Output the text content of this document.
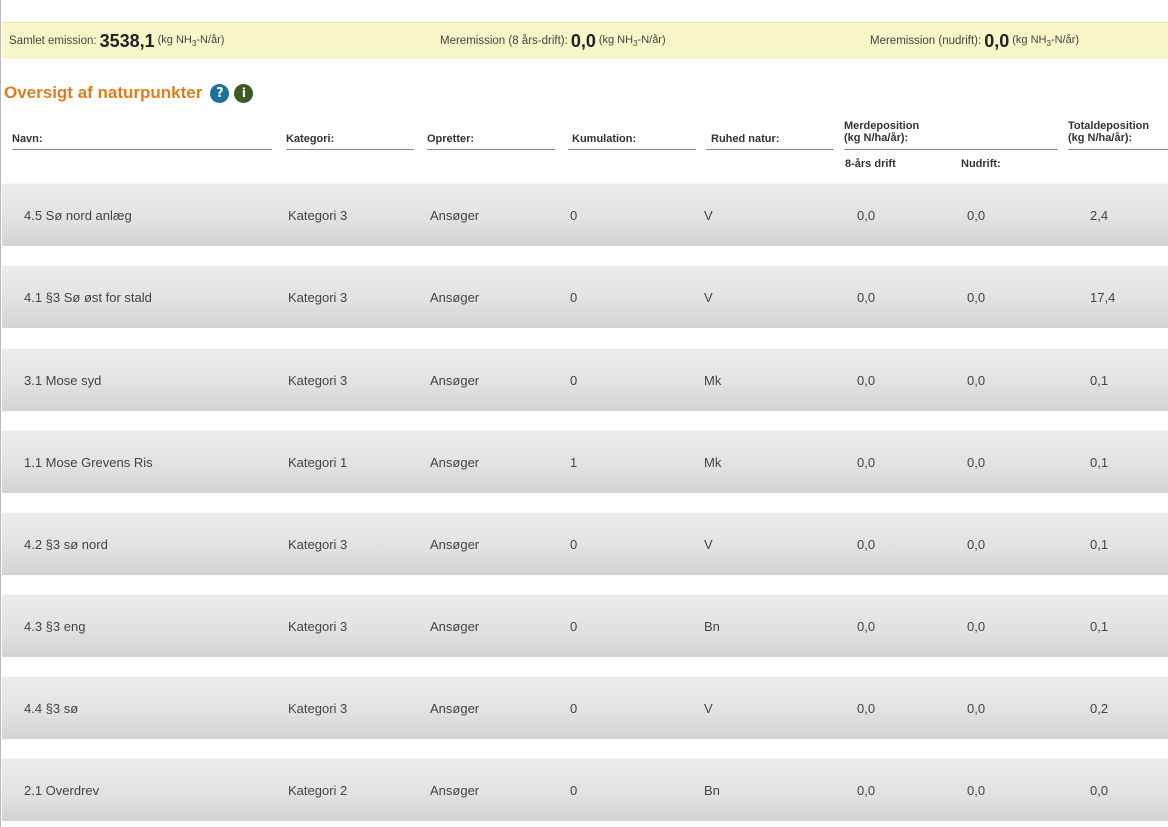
Samlet emission: 3538,1 (kg $NH_3-N/år$)	Meremission (8 års-drift): 0,0 (kg $NH_3-N/år$)	Meremission (nudrift): 0,0 (kg $NH_3-N/år$)
Oversigt af naturpunkter	?	i
Navn:	Kategori:	Opretter:	Kumulation:	Ruhed natur:
Merdeposition
(kg N/ha/år):
Totaldeposition
(kg N/ha/år):
8-års drift	Nudrift:
4.5 Sø nord anlæg	Kategori 3	Ansøger	0	V	0,0	0,0	2,4
4.1 §3 Sø øst for stald	Kategori 3	Ansøger	0	V	0,0	0,0	17,4
3.1 Mose syd	Kategori 3	Ansøger	0	Mk	0,0	0,0	0,1
1.1 Mose Grevens Ris	Kategori 1	Ansøger	1	Mk	0,0	0,0	0,1
4.2 §3 sø nord	Kategori 3	Ansøger	0	V	0,0	0,0	0,1
4.3 §3 eng	Kategori 3	Ansøger	0	Bn	0,0	0,0	0,1
4.4 §3 sø	Kategori 3	Ansøger	0	V	0,0	0,0	0,2
2.1 Overdrev	Kategori 2	Ansøger	0	Bn	0,0	0,0	0,0
